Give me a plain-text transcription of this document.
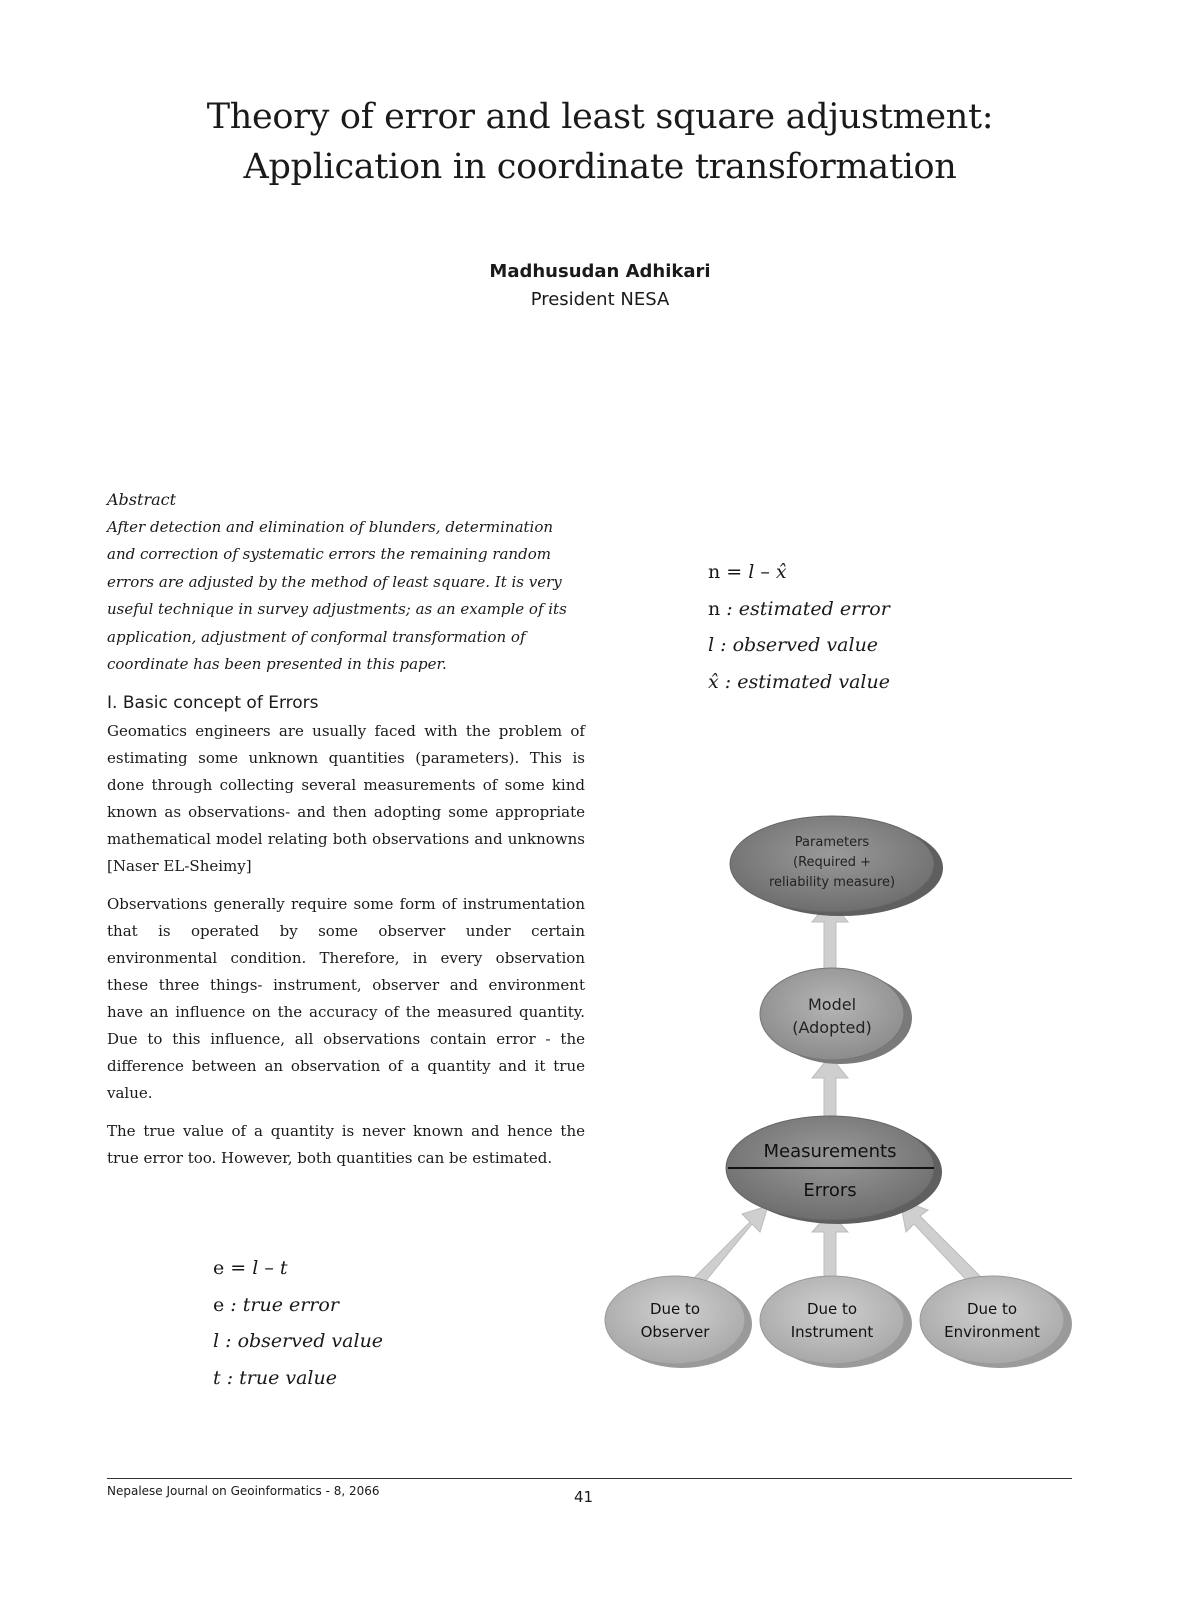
Theory of error and least square adjustment:
Application in coordinate transformation
Madhusudan Adhikari
President NESA
Abstract
After detection and elimination of blunders, determination and correction of systematic errors the remaining random errors are adjusted by the method of least square. It is very useful technique in survey adjustments; as an example of its application, adjustment of conformal transformation of coordinate has been presented in this paper.
I. Basic concept of Errors

Geomatics engineers are usually faced with the problem of estimating some unknown quantities (parameters). This is done through collecting several measurements of some kind known as observations- and then adopting some appropriate mathematical model relating both observations and unknowns [Naser EL-Sheimy]

Observations generally require some form of instrumentation that is operated by some observer under certain environmental condition. Therefore, in every observation these three things- instrument, observer and environment have an influence on the accuracy of the measured quantity. Due to this influence, all observations contain error - the difference between an observation of a quantity and it true value.

The true value of a quantity is never known and hence the true error too. However, both quantities can be estimated.

e = l – t
e : true error
l : observed value
t : true value
n = l – x̂
n : estimated error
l : observed value
x̂ : estimated value
Parameters
(Required +
reliability measure)
Model
(Adopted)
Measurements
Errors
Due to
Observer
Due to
Instrument
Due to
Environment
Nepalese Journal on Geoinformatics - 8, 2066	41
